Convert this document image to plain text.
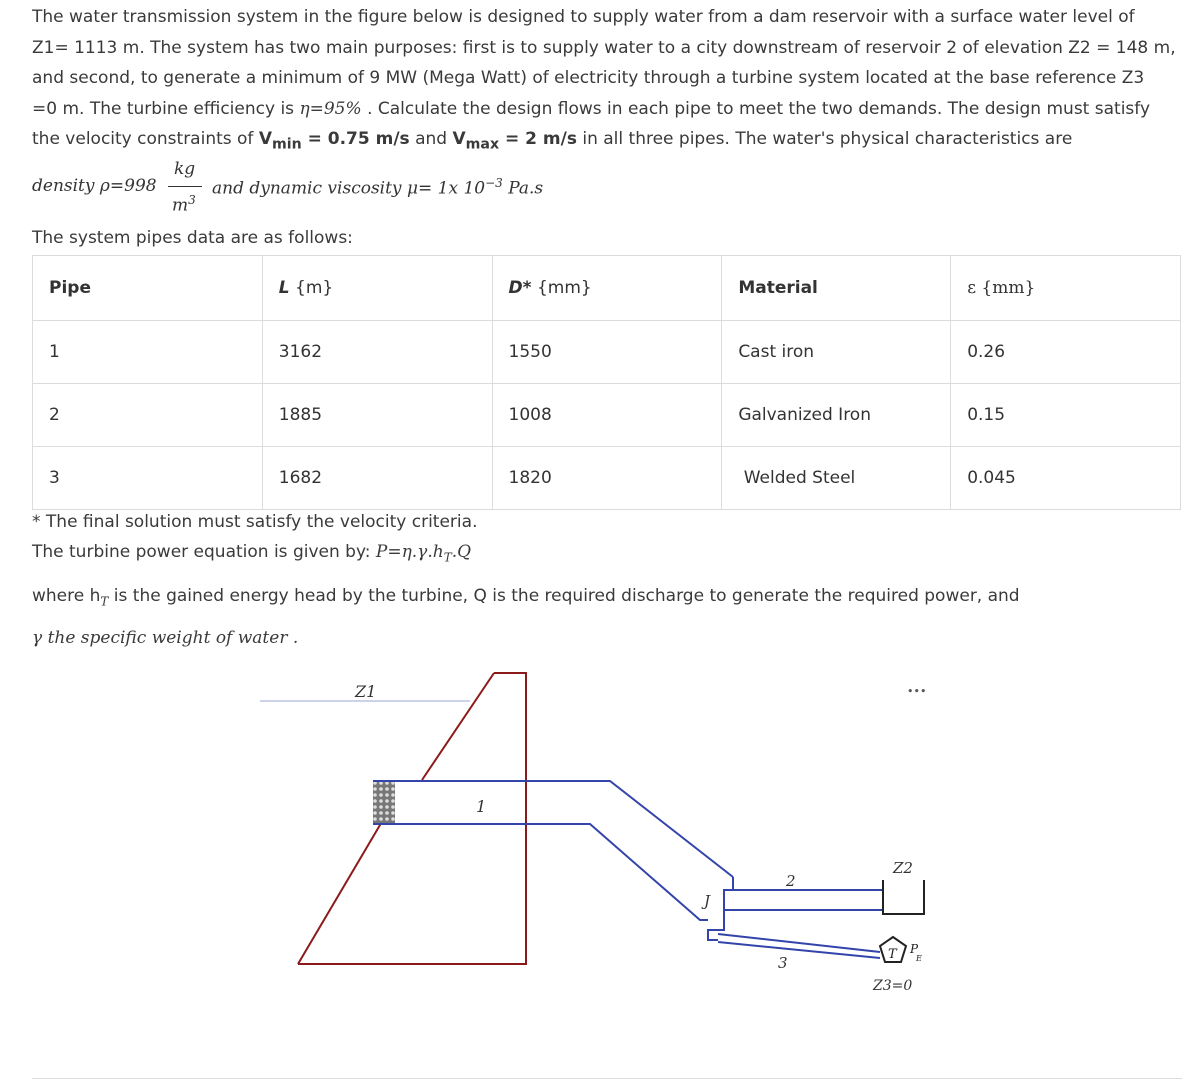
The water transmission system in the figure below is designed to supply water from a dam reservoir with a surface water level of
Z1= 1113 m. The system has two main purposes: first is to supply water to a city downstream of reservoir 2 of elevation Z2 = 148 m,
and second, to generate a minimum of 9 MW (Mega Watt) of electricity through a turbine system located at the base reference Z3
=0 m. The turbine efficiency is η=95% . Calculate the design flows in each pipe to meet the two demands. The design must satisfy
the velocity constraints of $V_{min} = 0.75$ m/s and $V_{max} = 2$ m/s in all three pipes. The water's physical characteristics are
density ρ=998
kg
$m^3$
and dynamic viscosity μ= 1x $10^{-3}$ Pa.s
The system pipes data are as follows:
Pipe	L {m}	D* {mm}	Material	ε {mm}
1	3162	1550	Cast iron	0.26
2	1885	1008	Galvanized Iron	0.15
3	1682	1820	Welded Steel	0.045
* The final solution must satisfy the velocity criteria.
The turbine power equation is given by: $P=\eta.\gamma.h_T.Q$
where $h_T$ is the gained energy head by the turbine, Q is the required discharge to generate the required power, and
γ the specific weight of water .
Z1
1
J
2
Z2
•••
3	T P
E
Z3=0
